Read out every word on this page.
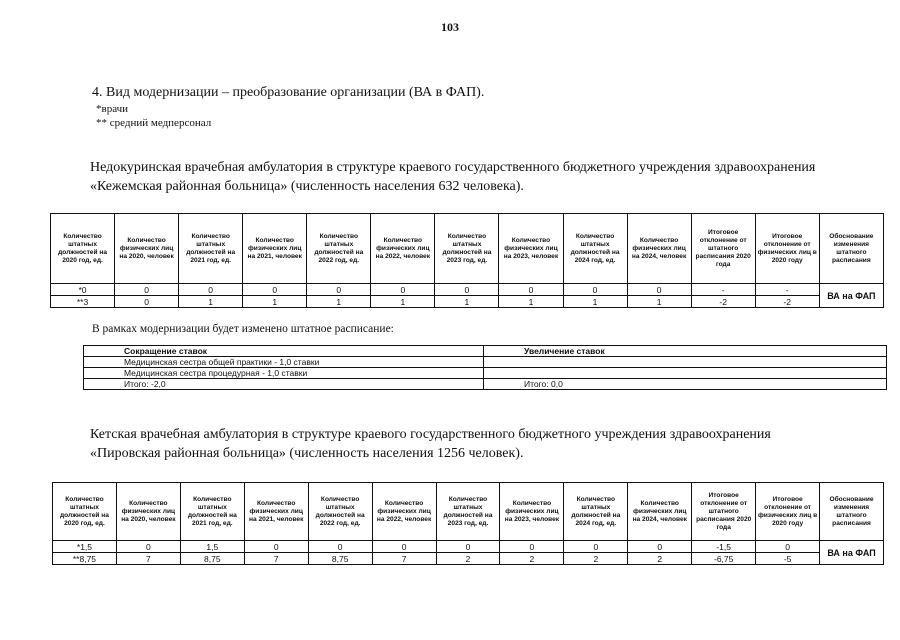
103
4. Вид модернизации – преобразование организации (ВА в ФАП).
*врачи
** средний медперсонал
Недокуринская врачебная амбулатория в структуре краевого государственного бюджетного учреждения здравоохранения «Кежемская районная больница» (численность населения 632 человека).
Количество штатных должностей на 2020 год, ед.	Количество физических лиц на 2020, человек	Количество штатных должностей на 2021 год, ед.	Количество физических лиц на 2021, человек	Количество штатных должностей на 2022 год, ед.	Количество физических лиц на 2022, человек	Количество штатных должностей на 2023 год, ед.	Количество физических лиц на 2023, человек	Количество штатных должностей на 2024 год, ед.	Количество физических лиц на 2024, человек	Итоговое отклонение от штатного расписания 2020 года	Итоговое отклонение от физических лиц в 2020 году	Обоснование изменения штатного расписания
*0	0	0	0	0	0	0	0	0	0	-	-	ВА на ФАП
**3	0	1	1	1	1	1	1	1	1	-2	-2	
В рамках модернизации будет изменено штатное расписание:
Сокращение ставок	Увеличение ставок
Медицинская сестра общей практики - 1,0 ставки	
Медицинская сестра процедурная - 1,0 ставки	
Итого: -2,0	Итого: 0,0
Кетская врачебная амбулатория в структуре краевого государственного бюджетного учреждения здравоохранения «Пировская районная больница» (численность населения 1256 человек).
Количество штатных должностей на 2020 год, ед.	Количество физических лиц на 2020, человек	Количество штатных должностей на 2021 год, ед.	Количество физических лиц на 2021, человек	Количество штатных должностей на 2022 год, ед.	Количество физических лиц на 2022, человек	Количество штатных должностей на 2023 год, ед.	Количество физических лиц на 2023, человек	Количество штатных должностей на 2024 год, ед.	Количество физических лиц на 2024, человек	Итоговое отклонение от штатного расписания 2020 года	Итоговое отклонение от физических лиц в 2020 году	Обоснование изменения штатного расписания
*1,5	0	1,5	0	0	0	0	0	0	0	-1,5	0	ВА на ФАП
**8,75	7	8,75	7	8,75	7	2	2	2	2	-6,75	-5	
